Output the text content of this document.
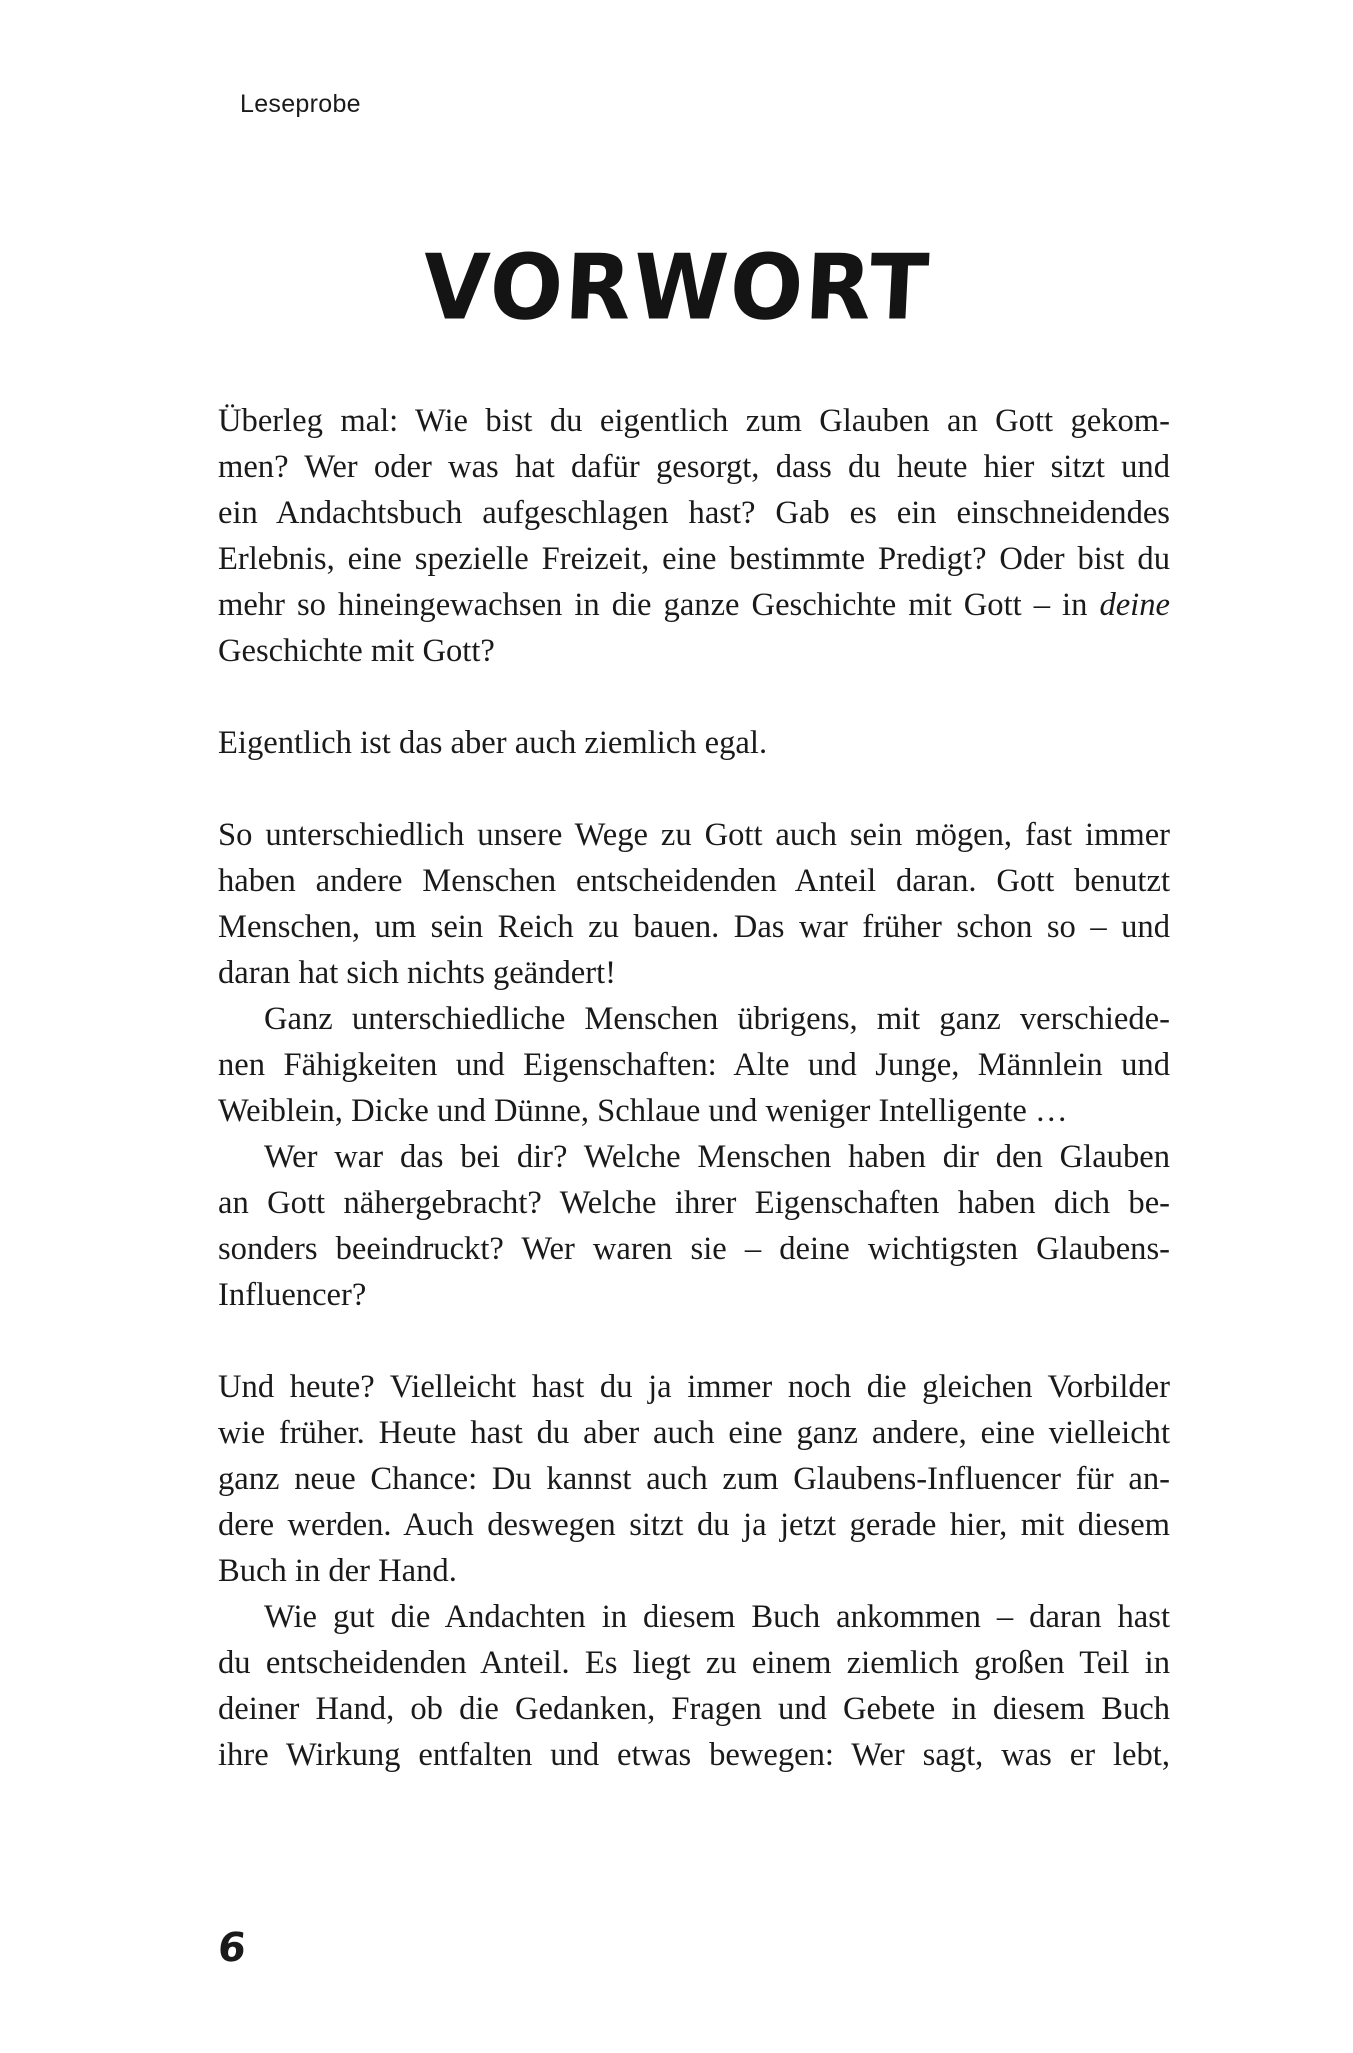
Leseprobe
VORWORT
Überleg mal: Wie bist du eigentlich zum Glauben an Gott gekom-
men? Wer oder was hat dafür gesorgt, dass du heute hier sitzt und
ein Andachtsbuch aufgeschlagen hast? Gab es ein einschneidendes
Erlebnis, eine spezielle Freizeit, eine bestimmte Predigt? Oder bist du
mehr so hineingewachsen in die ganze Geschichte mit Gott – in deine
Geschichte mit Gott?
Eigentlich ist das aber auch ziemlich egal.
So unterschiedlich unsere Wege zu Gott auch sein mögen, fast immer
haben andere Menschen entscheidenden Anteil daran. Gott benutzt
Menschen, um sein Reich zu bauen. Das war früher schon so – und
daran hat sich nichts geändert!
Ganz unterschiedliche Menschen übrigens, mit ganz verschiede-
nen Fähigkeiten und Eigenschaften: Alte und Junge, Männlein und
Weiblein, Dicke und Dünne, Schlaue und weniger Intelligente …
Wer war das bei dir? Welche Menschen haben dir den Glauben
an Gott nähergebracht? Welche ihrer Eigenschaften haben dich be-
sonders beeindruckt? Wer waren sie – deine wichtigsten Glaubens-
Influencer?
Und heute? Vielleicht hast du ja immer noch die gleichen Vorbilder
wie früher. Heute hast du aber auch eine ganz andere, eine vielleicht
ganz neue Chance: Du kannst auch zum Glaubens-Influencer für an-
dere werden. Auch deswegen sitzt du ja jetzt gerade hier, mit diesem
Buch in der Hand.
Wie gut die Andachten in diesem Buch ankommen – daran hast
du entscheidenden Anteil. Es liegt zu einem ziemlich großen Teil in
deiner Hand, ob die Gedanken, Fragen und Gebete in diesem Buch
ihre Wirkung entfalten und etwas bewegen: Wer sagt, was er lebt,
6
